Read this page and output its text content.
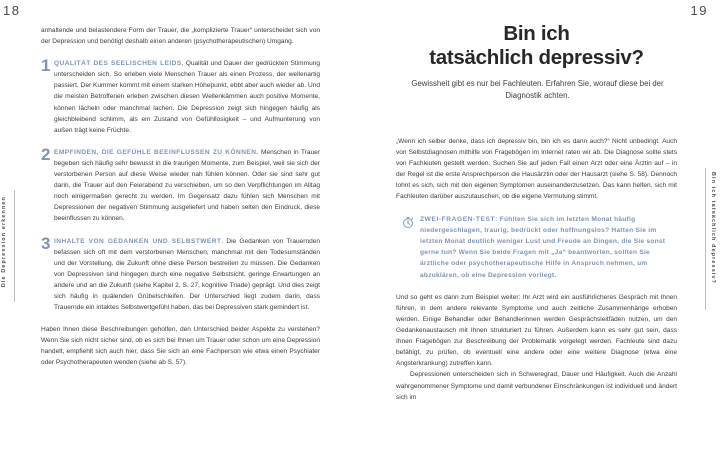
18
Die Depression erkennen

anhaltende und belastendere Form der Trauer, die „komplizierte Trauer“ unterscheidet sich von der Depression und benötigt deshalb einen anderen (psychotherapeutischen) Umgang.

1 QUALITÄT DES SEELISCHEN LEIDS. Qualität und Dauer der gedrückten Stimmung unterscheiden sich. So erleben viele Menschen Trauer als einen Prozess, der wellenartig passiert. Der Kummer kommt mit einem starken Höhepunkt, ebbt aber auch wieder ab. Und die meisten Betroffenen erleben zwischen diesen Wellenkämmen auch positive Momente, können lächeln oder manchmal lachen. Die Depression zeigt sich hingegen häufig als gleichbleibend schlimm, als ein Zustand von Gefühllosigkeit – und Aufmunterung von außen trägt keine Früchte.

2 EMPFINDEN, DIE GEFÜHLE BEEINFLUSSEN ZU KÖNNEN. Menschen in Trauer begeben sich häufig sehr bewusst in die traurigen Momente, zum Beispiel, weil sie sich der verstorbenen Person auf diese Weise wieder nah fühlen können. Oder sie sind sehr gut darin, die Trauer auf den Feierabend zu verschieben, um so den Verpflichtungen im Alltag noch einigermaßen gerecht zu werden. Im Gegensatz dazu fühlen sich Menschen mit Depressionen der negativen Stimmung ausgeliefert und haben selten den Eindruck, diese beeinflussen zu können.

3 INHALTE VON GEDANKEN UND SELBSTWERT. Die Gedanken von Trauernden befassen sich oft mit dem verstorbenen Menschen, manchmal mit den Todesumständen und der Vorstellung, die Zukunft ohne diese Person bestreiten zu müssen. Die Gedanken von Depressiven sind hingegen durch eine negative Selbstsicht, geringe Erwartungen an andere und an die Zukunft (siehe Kapitel 2, S. 27, kognitive Triade) geprägt. Und dies zeigt sich häufig in quälenden Grübelschleifen. Der Unterschied liegt zudem darin, dass Trauernde ein intaktes Selbstwertgefühl haben, das bei Depressiven stark gemindert ist.

Haben Ihnen diese Beschreibungen geholfen, den Unterschied beider Aspekte zu verstehen? Wenn Sie sich nicht sicher sind, ob es sich bei Ihnen um Trauer oder schon um eine Depression handelt, empfiehlt sich auch hier, dass Sie sich an eine Fachperson wie etwa einen Psychiater oder Psychotherapeuten wenden (siehe ab S. 57).

19
Bin ich tatsächlich depressiv?
Bin ich
tatsächlich depressiv?
Gewissheit gibt es nur bei Fachleuten. Erfahren Sie, worauf diese bei der Diagnostik achten.

„Wenn ich selber denke, dass ich depressiv bin, bin ich es dann auch?“ Nicht unbedingt. Auch von Selbstdiagnosen mithilfe von Fragebögen im Internet raten wir ab. Die Diagnose sollte stets von Fachleuten gestellt werden. Suchen Sie auf jeden Fall einen Arzt oder eine Ärztin auf – in der Regel ist die erste Ansprechperson die Hausärztin oder der Hausarzt (siehe S. 58). Dennoch lohnt es sich, sich mit den eigenen Symptomen auseinanderzusetzen. Das kann helfen, sich mit Fachleuten darüber auszutauschen, ob die eigene Vermutung stimmt.

ZWEI-FRAGEN-TEST: Fühlten Sie sich im letzten Monat häufig niedergeschlagen, traurig, bedrückt oder hoffnungslos? Hatten Sie im letzten Monat deutlich weniger Lust und Freude an Dingen, die Sie sonst gerne tun? Wenn Sie beide Fragen mit „Ja“ beantworten, sollten Sie ärztliche oder psychotherapeutische Hilfe in Anspruch nehmen, um abzuklären, ob eine Depression vorliegt.

Und so geht es dann zum Beispiel weiter: Ihr Arzt wird ein ausführlicheres Gespräch mit Ihnen führen, in dem andere relevante Symptome und auch zeitliche Zusammenhänge erhoben werden. Einige Behandler oder Behandlerinnen werden Gesprächsleitfäden nutzen, um den Gedankenaustausch mit Ihnen strukturiert zu führen. Außerdem kann es sehr gut sein, dass Ihnen Fragebögen zur Beschreibung der Problematik vorgelegt werden. Fachleute sind dazu befähigt, zu prüfen, ob eventuell eine andere oder eine weitere Diagnose (etwa eine Angsterkrankung) zutreffen kann.

Depressionen unterscheiden sich in Schweregrad, Dauer und Häufigkeit. Auch die Anzahl wahrgenommener Symptome und damit verbundener Einschränkungen ist individuell und ändert sich im
